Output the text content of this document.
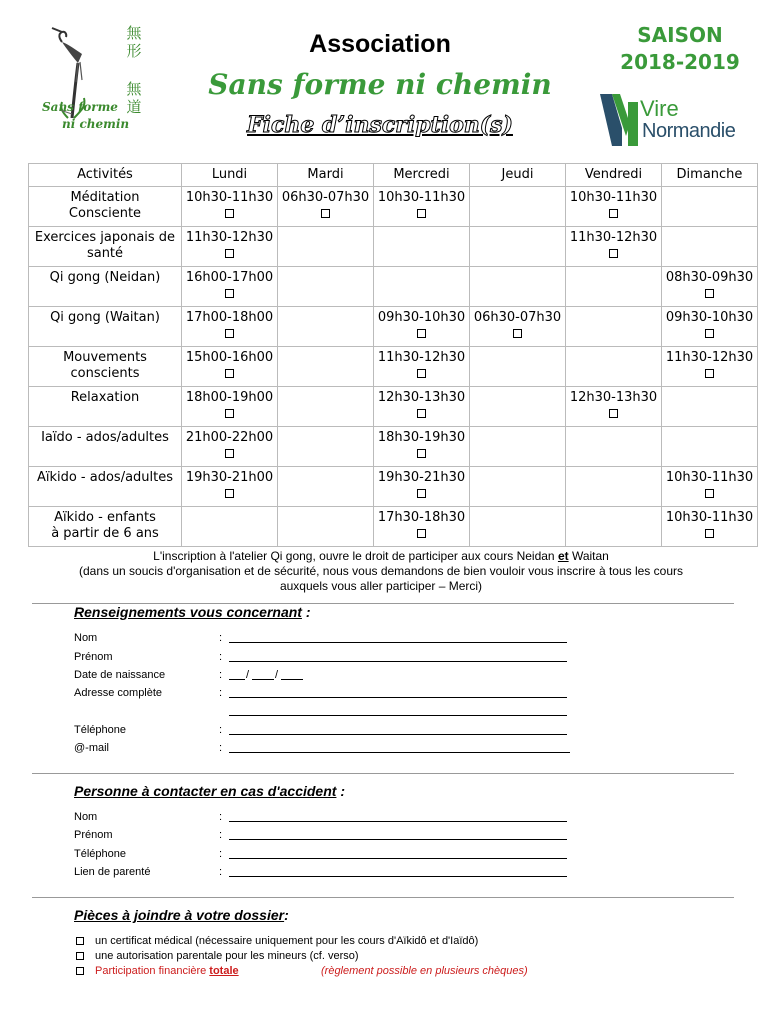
無
形
無
道
Sans forme
ni chemin
Association
Sans forme ni chemin
Fiche d’inscription(s)
SAISON
2018-2019
Vire
Normandie
Activités	Lundi	Mardi	Mercredi	Jeudi	Vendredi	Dimanche

Méditation
Consciente	10h30-11h30	06h30-07h30	10h30-11h30		10h30-11h30	

Exercices japonais de
santé	11h30-12h30				11h30-12h30	

Qi gong (Neidan)	16h00-17h00					08h30-09h30

Qi gong (Waitan)	17h00-18h00		09h30-10h30	06h30-07h30		09h30-10h30

Mouvements
conscients	15h00-16h00		11h30-12h30			11h30-12h30

Relaxation	18h00-19h00		12h30-13h30		12h30-13h30	

Iaïdo - ados/adultes	21h00-22h00		18h30-19h30			

Aïkido - ados/adultes	19h30-21h00		19h30-21h30			10h30-11h30

Aïkido - enfants
à partir de 6 ans			17h30-18h30			10h30-11h30
L'inscription à l'atelier Qi gong, ouvre le droit de participer aux cours Neidan et Waitan
(dans un soucis d'organisation et de sécurité, nous vous demandons de bien vouloir vous inscrire à tous les cours
auxquels vous aller participer – Merci)
Renseignements vous concernant :
Nom	:
Prénom	:
Date de naissance	: / /
Adresse complète	:
Téléphone	:
@-mail	:
Personne à contacter en cas d'accident :
Nom	:
Prénom	:
Téléphone	:
Lien de parenté	:
Pièces à joindre à votre dossier:
un certificat médical (nécessaire uniquement pour les cours d'Aïkidô et d'Iaïdô)
une autorisation parentale pour les mineurs (cf. verso)
Participation financière totale	(règlement possible en plusieurs chèques)
